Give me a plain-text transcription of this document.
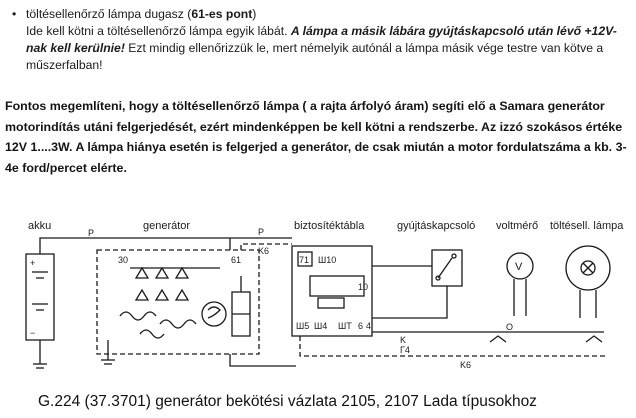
• töltésellenőrző lámpa dugasz (61-es pont)
Ide kell kötni a töltésellenőrző lámpa egyik lábát. A lámpa a másik lábára gyújtáskapcsoló után lévő +12V-nak kell kerülnie! Ezt mindig ellenőrizzük le, mert némelyik autónál a lámpa másik vége testre van kötve a műszerfalban!
Fontos megemlíteni, hogy a töltésellenőrző lámpa ( a rajta árfolyó áram) segíti elő a Samara generátor motorindítás utáni felgerjedését, ezért mindenképpen be kell kötni a rendszerbe. Az izzó szokásos értéke 12V 1....3W. A lámpa hiánya esetén is felgerjed a generátor, de csak miután a motor fordulatszáma a kb. 3-4e ford/percet elérte.
akku	generátor	biztosítéktábla	gyújtáskapcsoló voltmérő töltésell. lámpa
+
−
P
30	61
P
K6
71 Ш10
10
Ш5 Ш4 ШТ 6 4
V
O
K
Г4
K6
G.224 (37.3701) generátor bekötési vázlata 2105, 2107 Lada típusokhoz
